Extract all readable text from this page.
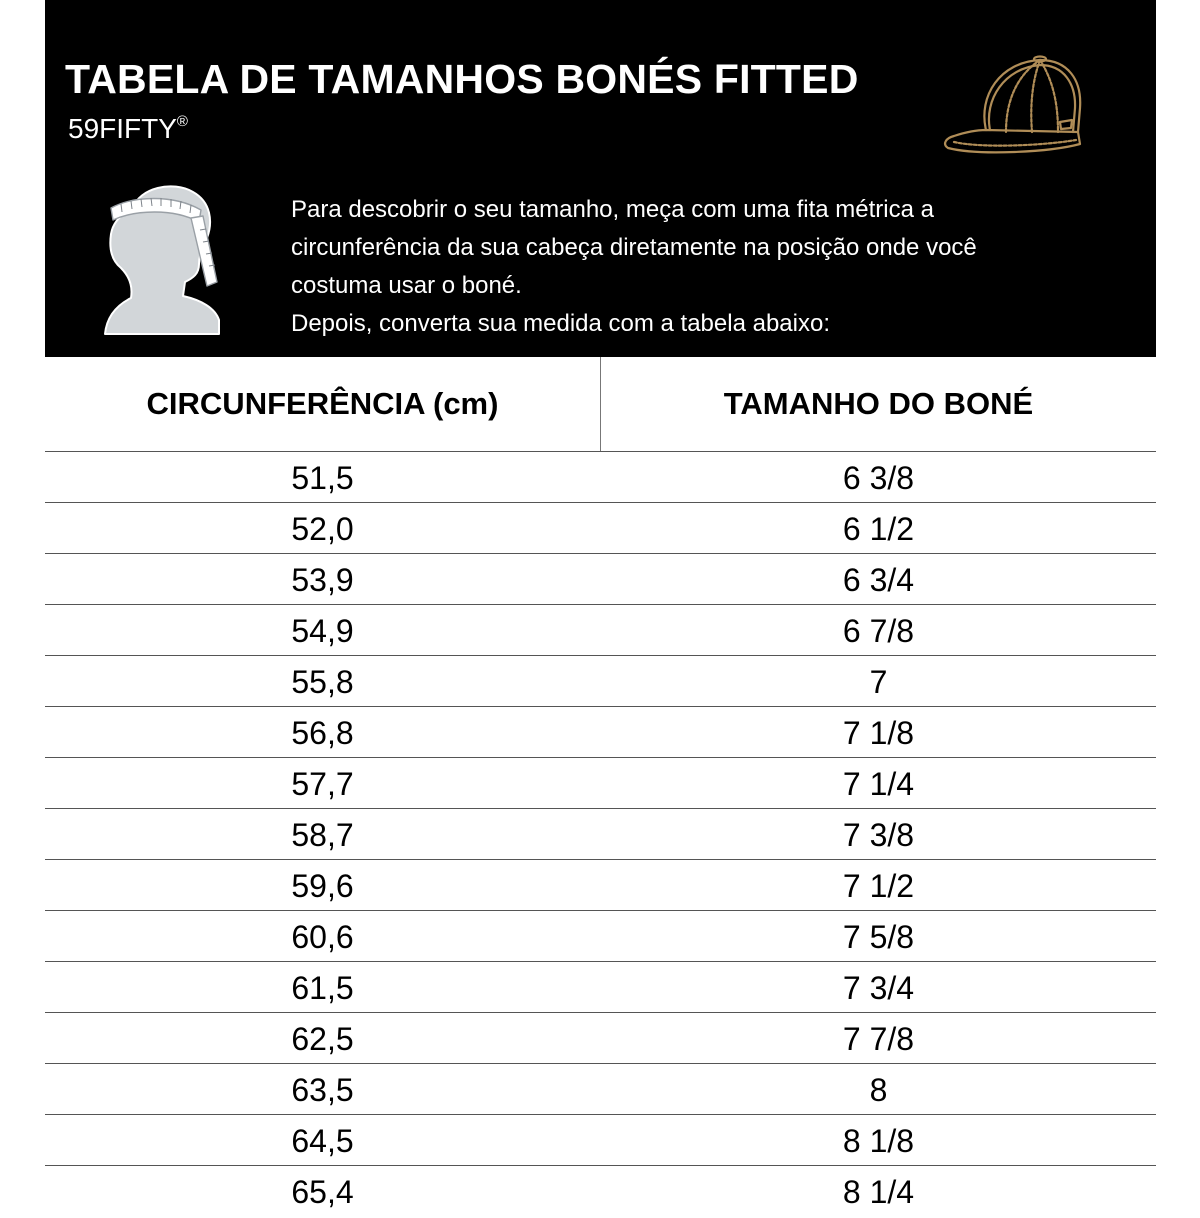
TABELA DE TAMANHOS BONÉS FITTED
59FIFTY®

Para descobrir o seu tamanho, meça com uma fita métrica a

circunferência da sua cabeça diretamente na posição onde você

costuma usar o boné.

Depois, converta sua medida com a tabela abaixo:

CIRCUNFERÊNCIA (cm)	TAMANHO DO BONÉ
51,5	6 3/8
52,0	6 1/2
53,9	6 3/4
54,9	6 7/8
55,8	7
56,8	7 1/8
57,7	7 1/4
58,7	7 3/8
59,6	7 1/2
60,6	7 5/8
61,5	7 3/4
62,5	7 7/8
63,5	8
64,5	8 1/8
65,4	8 1/4
